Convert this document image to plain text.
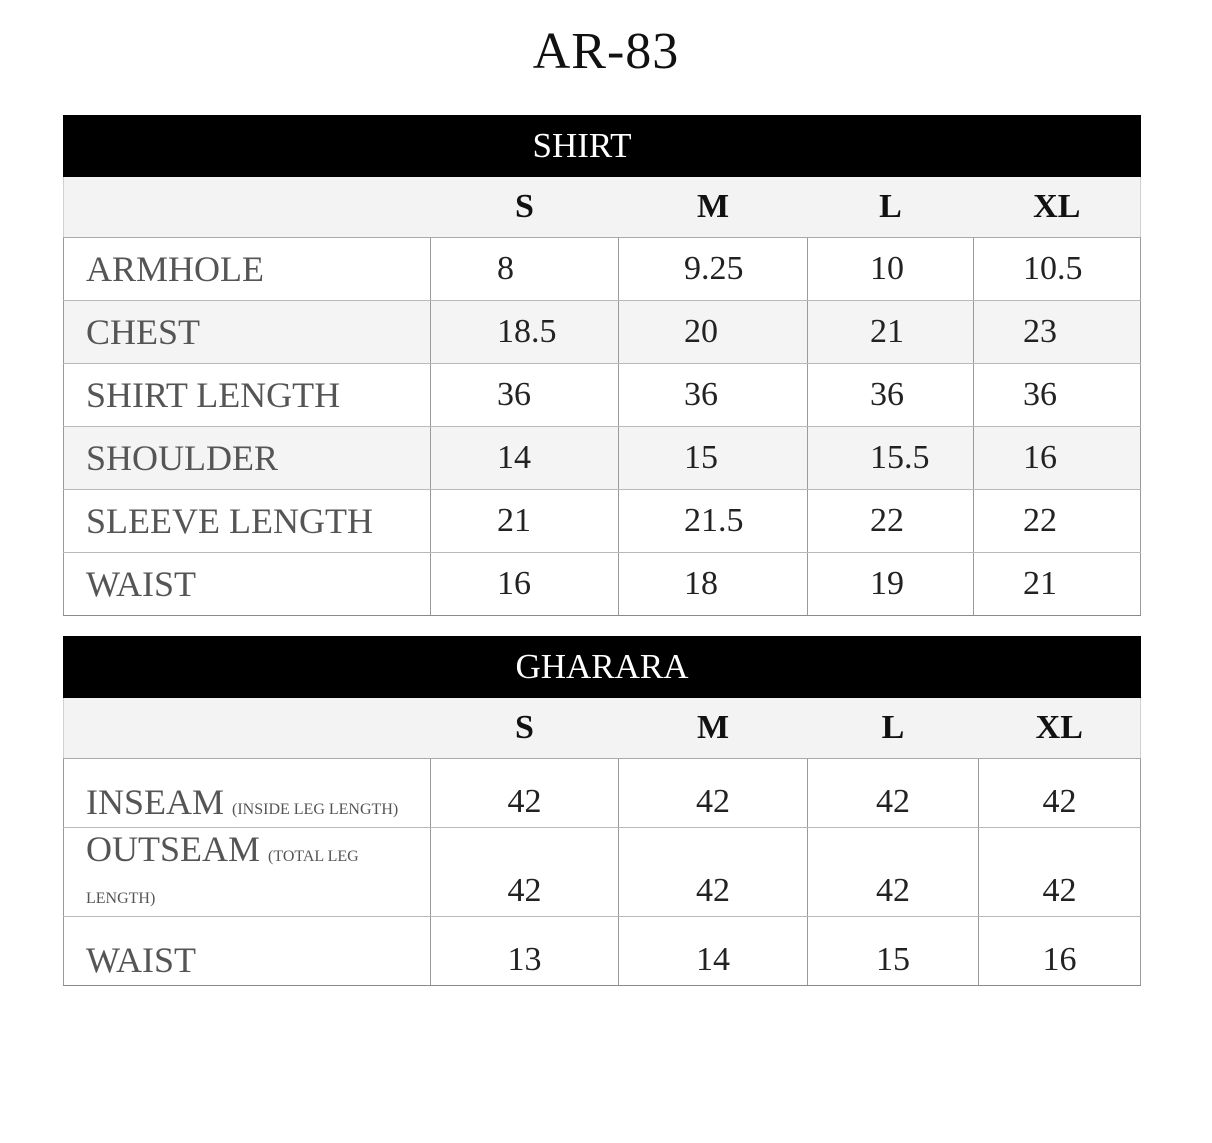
AR-83
SHIRT				
	S	M	L	XL
ARMHOLE	8	9.25	10	10.5
CHEST	18.5	20	21	23
SHIRT LENGTH	36	36	36	36
SHOULDER	14	15	15.5	16
SLEEVE LENGTH	21	21.5	22	22
WAIST	16	18	19	21
GHARARA				
	S	M	L	XL
INSEAM (INSIDE LEG LENGTH)	42	42	42	42
OUTSEAM (TOTAL LEG LENGTH)	42	42	42	42
WAIST	13	14	15	16
